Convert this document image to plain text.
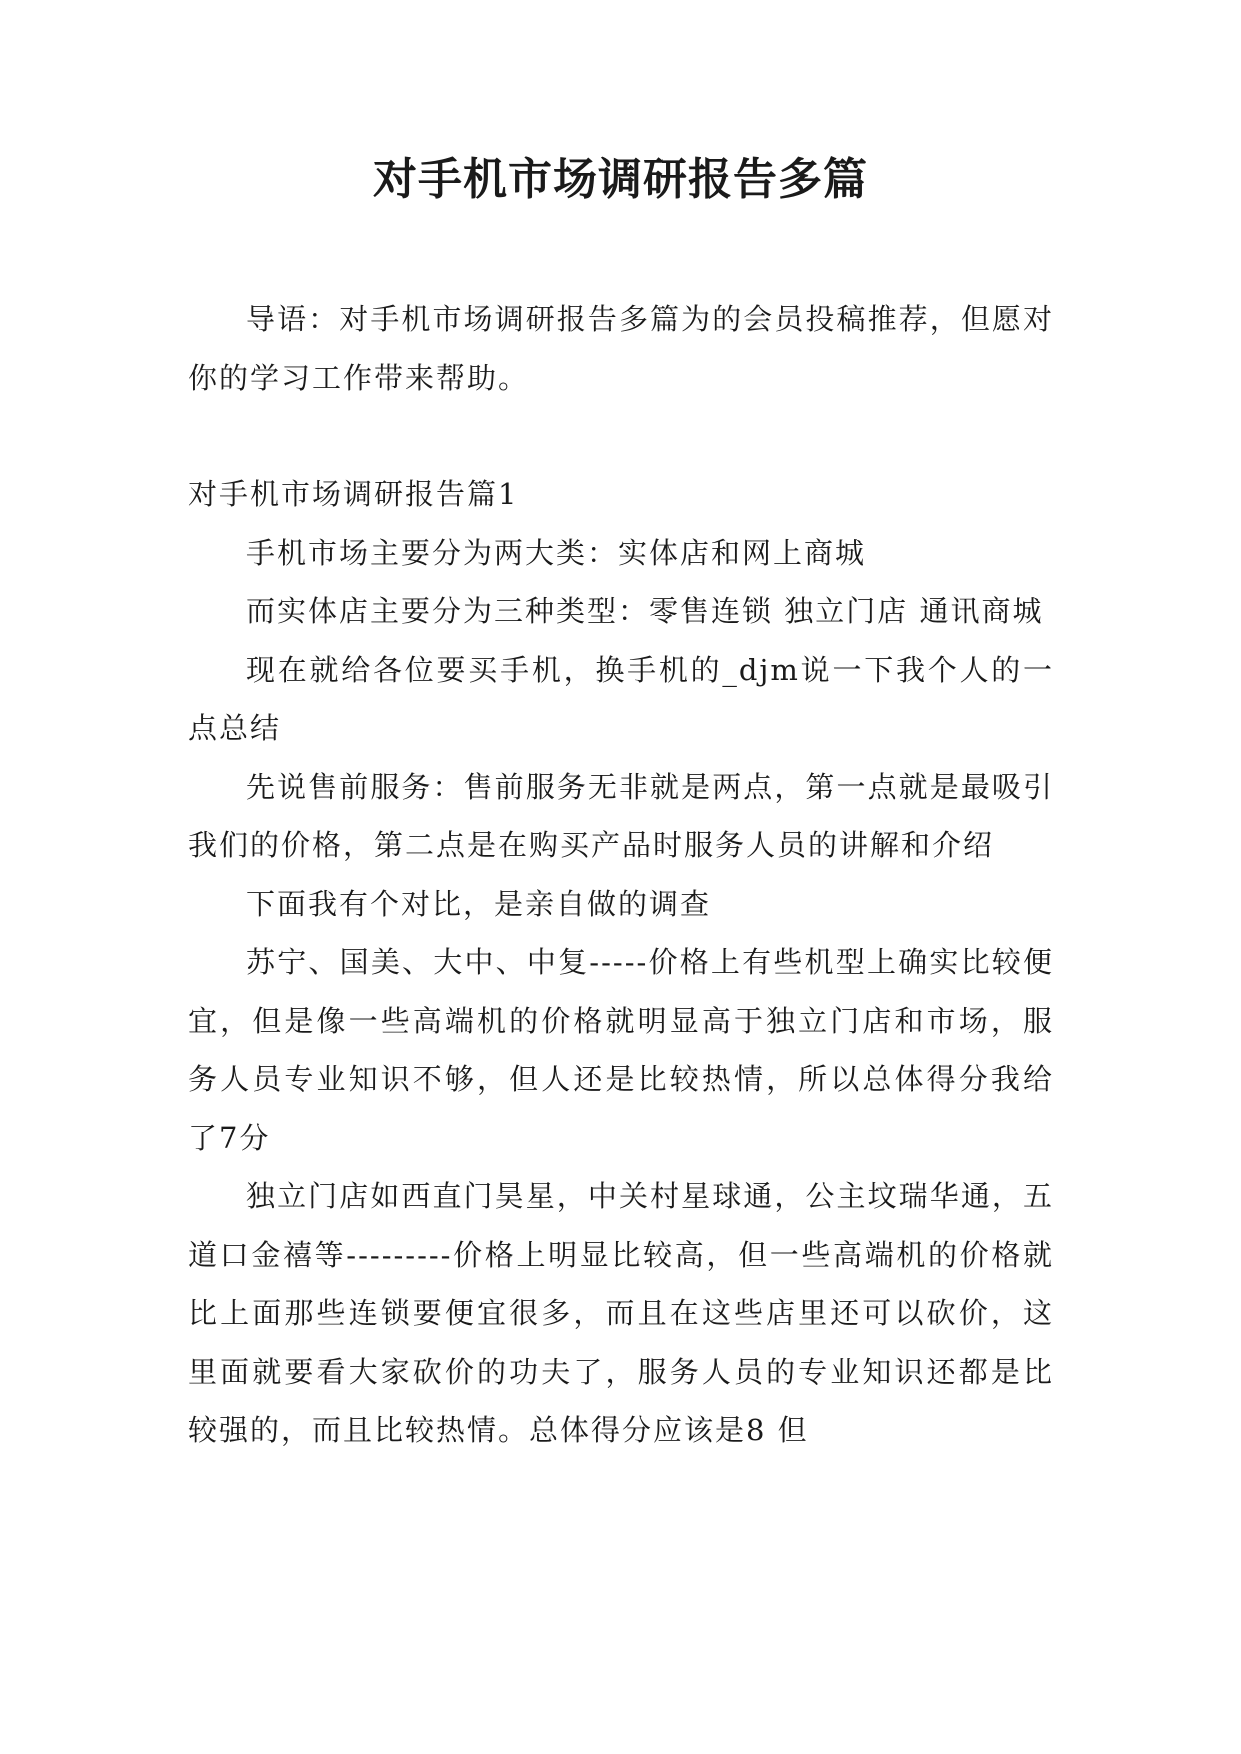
对手机市场调研报告多篇

导语：对手机市场调研报告多篇为的会员投稿推荐，但愿对你的学习工作带来帮助。

对手机市场调研报告篇1

手机市场主要分为两大类：实体店和网上商城

而实体店主要分为三种类型：零售连锁 独立门店 通讯商城

现在就给各位要买手机，换手机的_djm说一下我个人的一点总结

先说售前服务：售前服务无非就是两点，第一点就是最吸引我们的价格，第二点是在购买产品时服务人员的讲解和介绍

下面我有个对比，是亲自做的调查

苏宁、国美、大中、中复-----价格上有些机型上确实比较便宜，但是像一些高端机的价格就明显高于独立门店和市场，服务人员专业知识不够，但人还是比较热情，所以总体得分我给了7分

独立门店如西直门昊星，中关村星球通，公主坟瑞华通，五道口金禧等---------价格上明显比较高，但一些高端机的价格就比上面那些连锁要便宜很多，而且在这些店里还可以砍价，这里面就要看大家砍价的功夫了，服务人员的专业知识还都是比较强的，而且比较热情。总体得分应该是8 但
